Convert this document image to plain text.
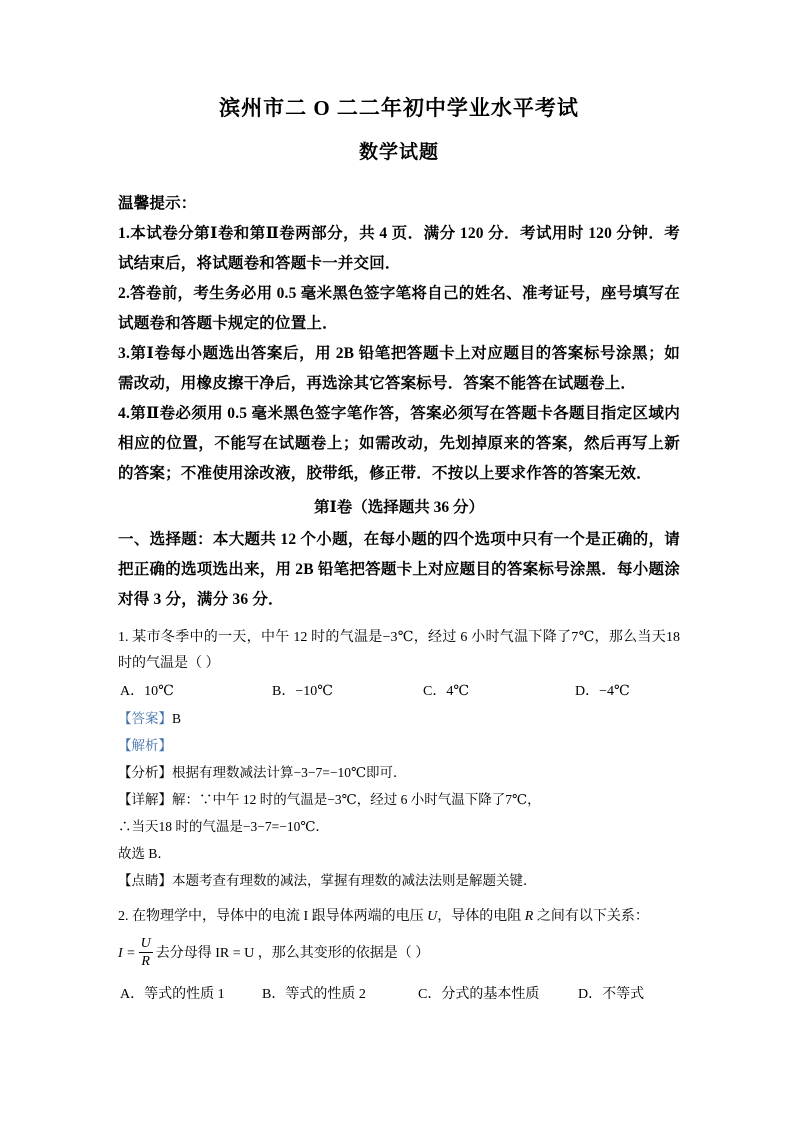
滨州市二 O 二二年初中学业水平考试
数学试题

温馨提示：

1.本试卷分第Ⅰ卷和第Ⅱ卷两部分，共 4 页．满分 120 分．考试用时 120 分钟．考试结束后，将试题卷和答题卡一并交回．

2.答卷前，考生务必用 0.5 毫米黑色签字笔将自己的姓名、准考证号，座号填写在试题卷和答题卡规定的位置上．

3.第Ⅰ卷每小题选出答案后，用 2B 铅笔把答题卡上对应题目的答案标号涂黑；如需改动，用橡皮擦干净后，再选涂其它答案标号．答案不能答在试题卷上．

4.第Ⅱ卷必须用 0.5 毫米黑色签字笔作答，答案必须写在答题卡各题目指定区域内相应的位置，不能写在试题卷上；如需改动，先划掉原来的答案，然后再写上新的答案；不准使用涂改液，胶带纸，修正带．不按以上要求作答的答案无效．

第Ⅰ卷（选择题共 36 分）

一、选择题：本大题共 12 个小题，在每小题的四个选项中只有一个是正确的，请把正确的选项选出来，用 2B 铅笔把答题卡上对应题目的答案标号涂黑．每小题涂对得 3 分，满分 36 分．

1. 某市冬季中的一天，中午 12 时的气温是−3℃，经过 6 小时气温下降了7℃，那么当天18 时的气温是（ ）

A．10℃	B．−10℃	C．4℃	D．−4℃

【答案】B

【解析】

【分析】根据有理数减法计算−3−7=−10℃即可．

【详解】解：∵中午 12 时的气温是−3℃，经过 6 小时气温下降了7℃，

∴当天18 时的气温是−3−7=−10℃．

故选 B．

【点睛】本题考查有理数的减法，掌握有理数的减法法则是解题关键．

2. 在物理学中，导体中的电流 I 跟导体两端的电压 U，导体的电阻 R 之间有以下关系：

$I = \frac{U}{R}$ 去分母得 IR = U ，那么其变形的依据是（ ）

A．等式的性质 1	B．等式的性质 2	C．分式的基本性质	D．不等式
